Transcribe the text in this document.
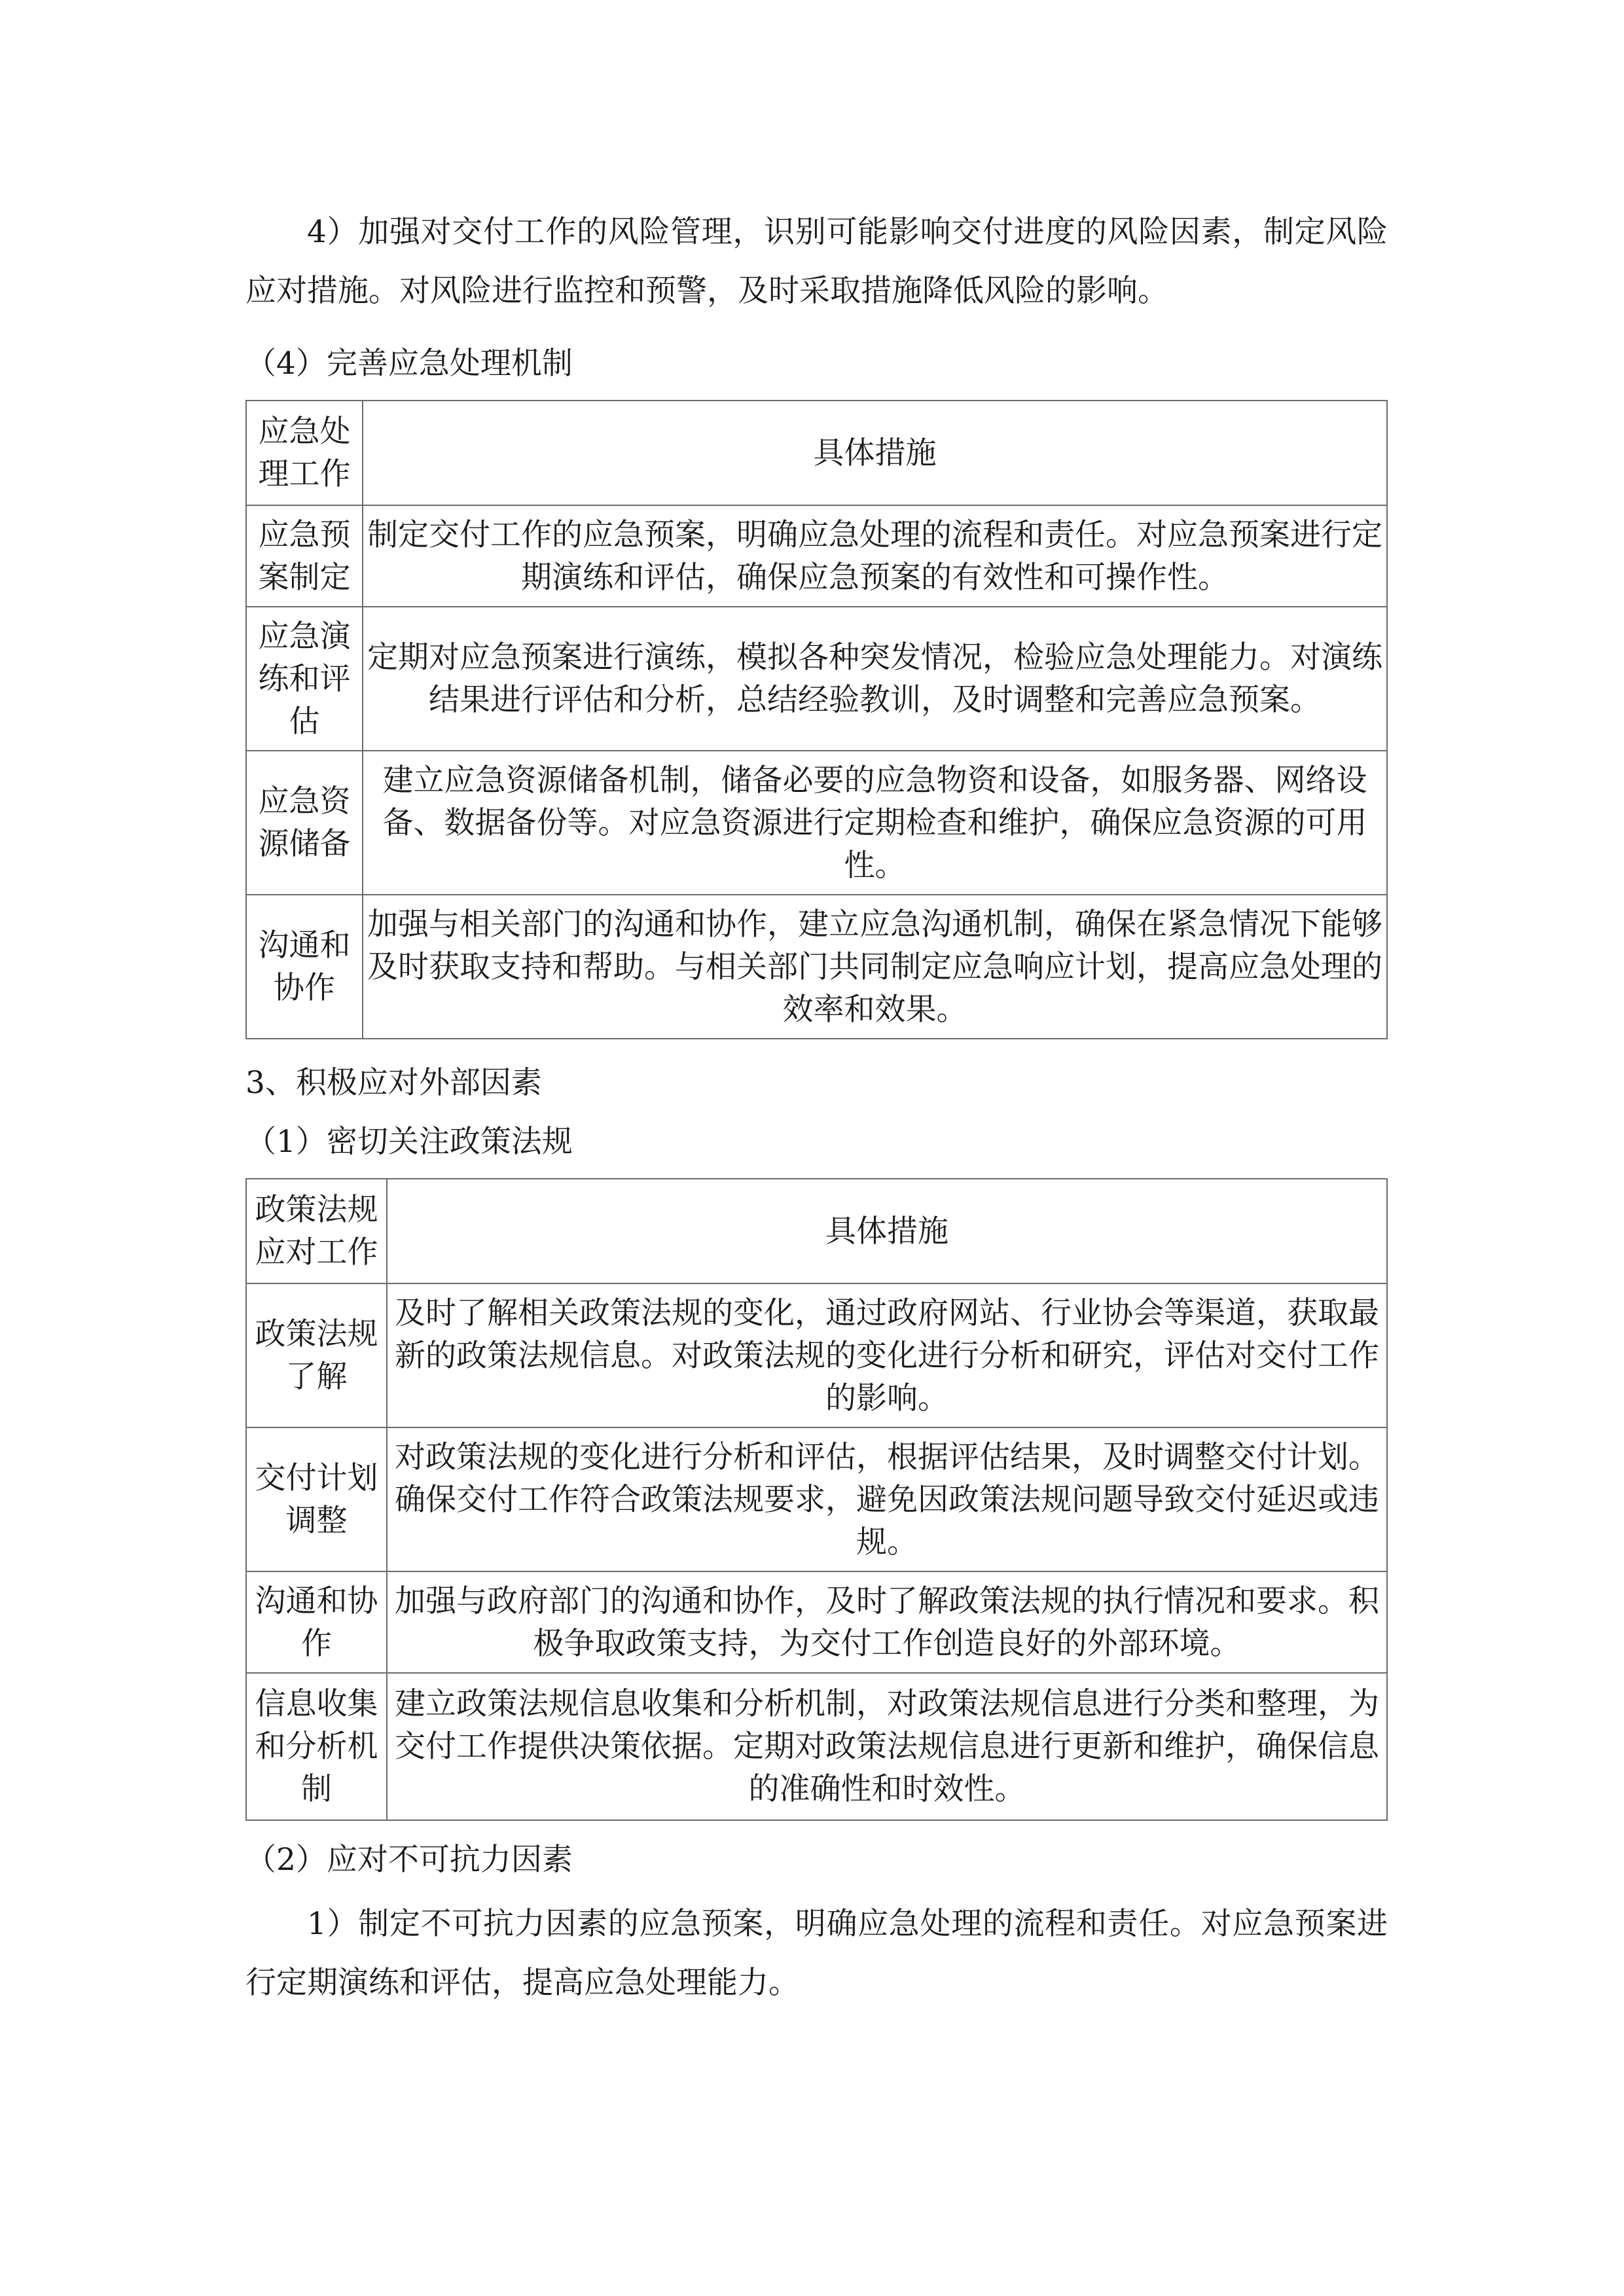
4）加强对交付工作的风险管理，识别可能影响交付进度的风险因素，制定风险应对措施。对风险进行监控和预警，及时采取措施降低风险的影响。

（4）完善应急处理机制
应急处理工作	具体措施
应急预案制定	制定交付工作的应急预案，明确应急处理的流程和责任。对应急预案进行定期演练和评估，确保应急预案的有效性和可操作性。
应急演练和评估	定期对应急预案进行演练，模拟各种突发情况，检验应急处理能力。对演练结果进行评估和分析，总结经验教训，及时调整和完善应急预案。
应急资源储备	建立应急资源储备机制，储备必要的应急物资和设备，如服务器、网络设备、数据备份等。对应急资源进行定期检查和维护，确保应急资源的可用性。
沟通和协作	加强与相关部门的沟通和协作，建立应急沟通机制，确保在紧急情况下能够及时获取支持和帮助。与相关部门共同制定应急响应计划，提高应急处理的效率和效果。
3、积极应对外部因素
（1）密切关注政策法规
政策法规应对工作	具体措施
政策法规了解	及时了解相关政策法规的变化，通过政府网站、行业协会等渠道，获取最新的政策法规信息。对政策法规的变化进行分析和研究，评估对交付工作的影响。
交付计划调整	对政策法规的变化进行分析和评估，根据评估结果，及时调整交付计划。确保交付工作符合政策法规要求，避免因政策法规问题导致交付延迟或违规。
沟通和协作	加强与政府部门的沟通和协作，及时了解政策法规的执行情况和要求。积极争取政策支持，为交付工作创造良好的外部环境。
信息收集和分析机制	建立政策法规信息收集和分析机制，对政策法规信息进行分类和整理，为交付工作提供决策依据。定期对政策法规信息进行更新和维护，确保信息的准确性和时效性。
（2）应对不可抗力因素

1）制定不可抗力因素的应急预案，明确应急处理的流程和责任。对应急预案进行定期演练和评估，提高应急处理能力。
